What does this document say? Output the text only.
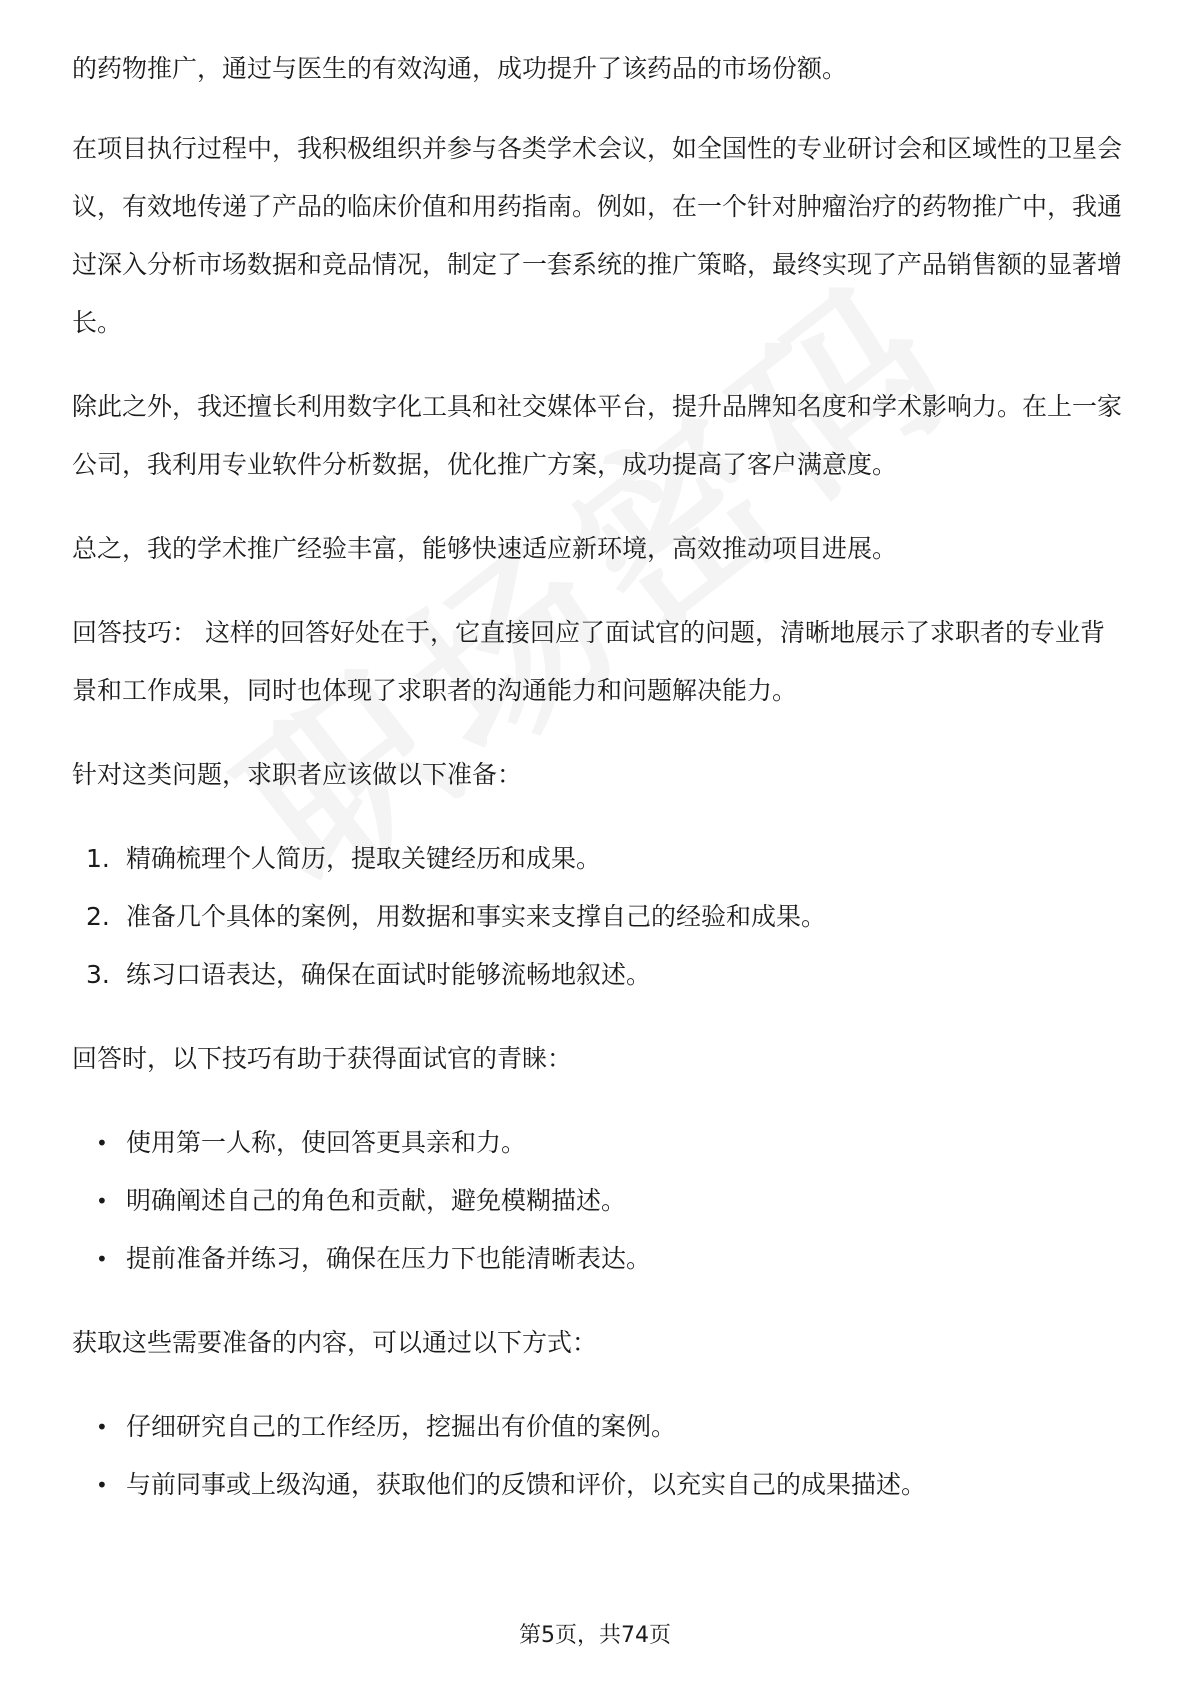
的药物推广，通过与医生的有效沟通，成功提升了该药品的市场份额。

在项目执行过程中，我积极组织并参与各类学术会议，如全国性的专业研讨会和区域性的卫星会议，有效地传递了产品的临床价值和用药指南。例如，在一个针对肿瘤治疗的药物推广中，我通过深入分析市场数据和竞品情况，制定了一套系统的推广策略，最终实现了产品销售额的显著增长。

除此之外，我还擅长利用数字化工具和社交媒体平台，提升品牌知名度和学术影响力。在上一家公司，我利用专业软件分析数据，优化推广方案，成功提高了客户满意度。

总之，我的学术推广经验丰富，能够快速适应新环境，高效推动项目进展。

回答技巧： 这样的回答好处在于，它直接回应了面试官的问题，清晰地展示了求职者的专业背景和工作成果，同时也体现了求职者的沟通能力和问题解决能力。

针对这类问题，求职者应该做以下准备：

1. 精确梳理个人简历，提取关键经历和成果。
2. 准备几个具体的案例，用数据和事实来支撑自己的经验和成果。
3. 练习口语表达，确保在面试时能够流畅地叙述。

回答时，以下技巧有助于获得面试官的青睐：

• 使用第一人称，使回答更具亲和力。
• 明确阐述自己的角色和贡献，避免模糊描述。
• 提前准备并练习，确保在压力下也能清晰表达。

获取这些需要准备的内容，可以通过以下方式：

• 仔细研究自己的工作经历，挖掘出有价值的案例。
• 与前同事或上级沟通，获取他们的反馈和评价，以充实自己的成果描述。
第5页，共74页
